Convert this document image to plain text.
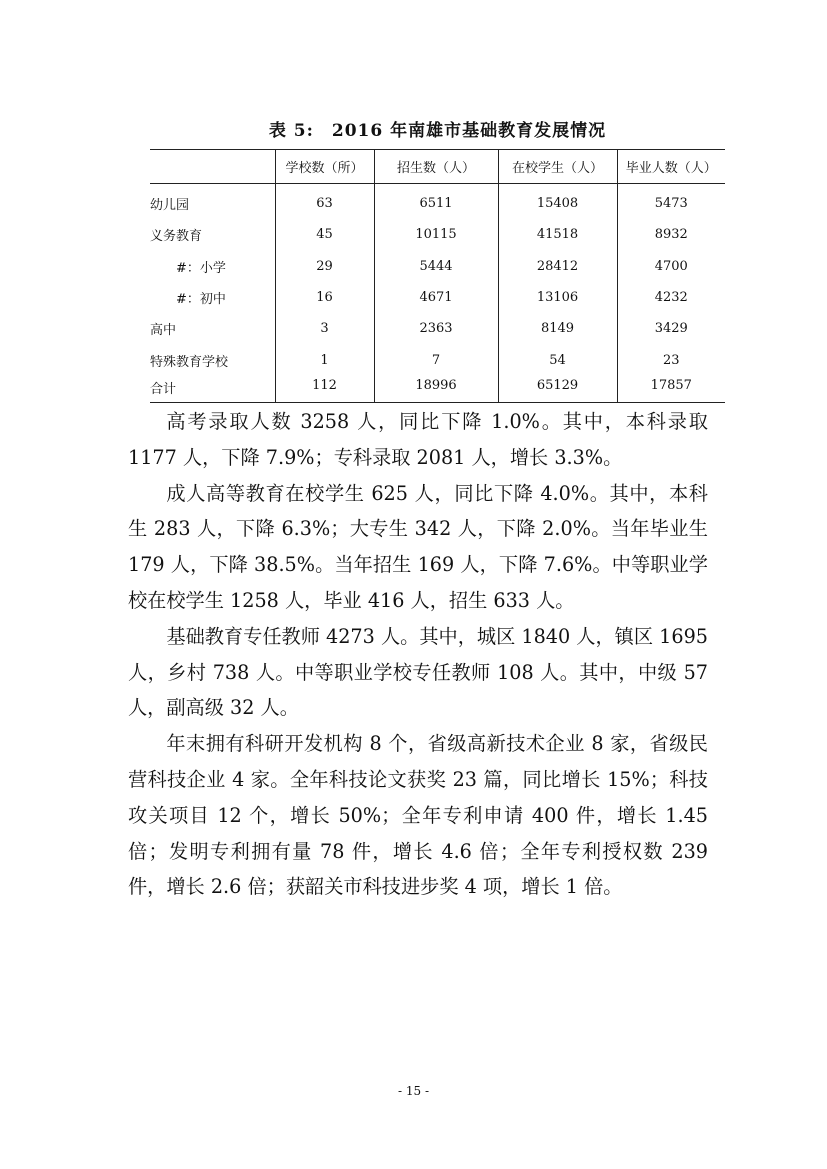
表 5:　2016 年南雄市基础教育发展情况
	学校数（所）	招生数（人）	在校学生（人）	毕业人数（人）
幼儿园	63	6511	15408	5473
义务教育	45	10115	41518	8932
#：小学	29	5444	28412	4700
#：初中	16	4671	13106	4232
高中	3	2363	8149	3429
特殊教育学校	1	7	54	23
合计	112	18996	65129	17857

高考录取人数 3258 人，同比下降 1.0%。其中，本科录取 1177 人，下降 7.9%；专科录取 2081 人，增长 3.3%。

成人高等教育在校学生 625 人，同比下降 4.0%。其中，本科生 283 人，下降 6.3%；大专生 342 人，下降 2.0%。当年毕业生 179 人，下降 38.5%。当年招生 169 人，下降 7.6%。中等职业学校在校学生 1258 人，毕业 416 人，招生 633 人。

基础教育专任教师 4273 人。其中，城区 1840 人，镇区 1695 人，乡村 738 人。中等职业学校专任教师 108 人。其中，中级 57 人，副高级 32 人。

年末拥有科研开发机构 8 个，省级高新技术企业 8 家，省级民营科技企业 4 家。全年科技论文获奖 23 篇，同比增长 15%；科技攻关项目 12 个，增长 50%；全年专利申请 400 件，增长 1.45 倍；发明专利拥有量 78 件，增长 4.6 倍；全年专利授权数 239 件，增长 2.6 倍；获韶关市科技进步奖 4 项，增长 1 倍。

- 15 -
